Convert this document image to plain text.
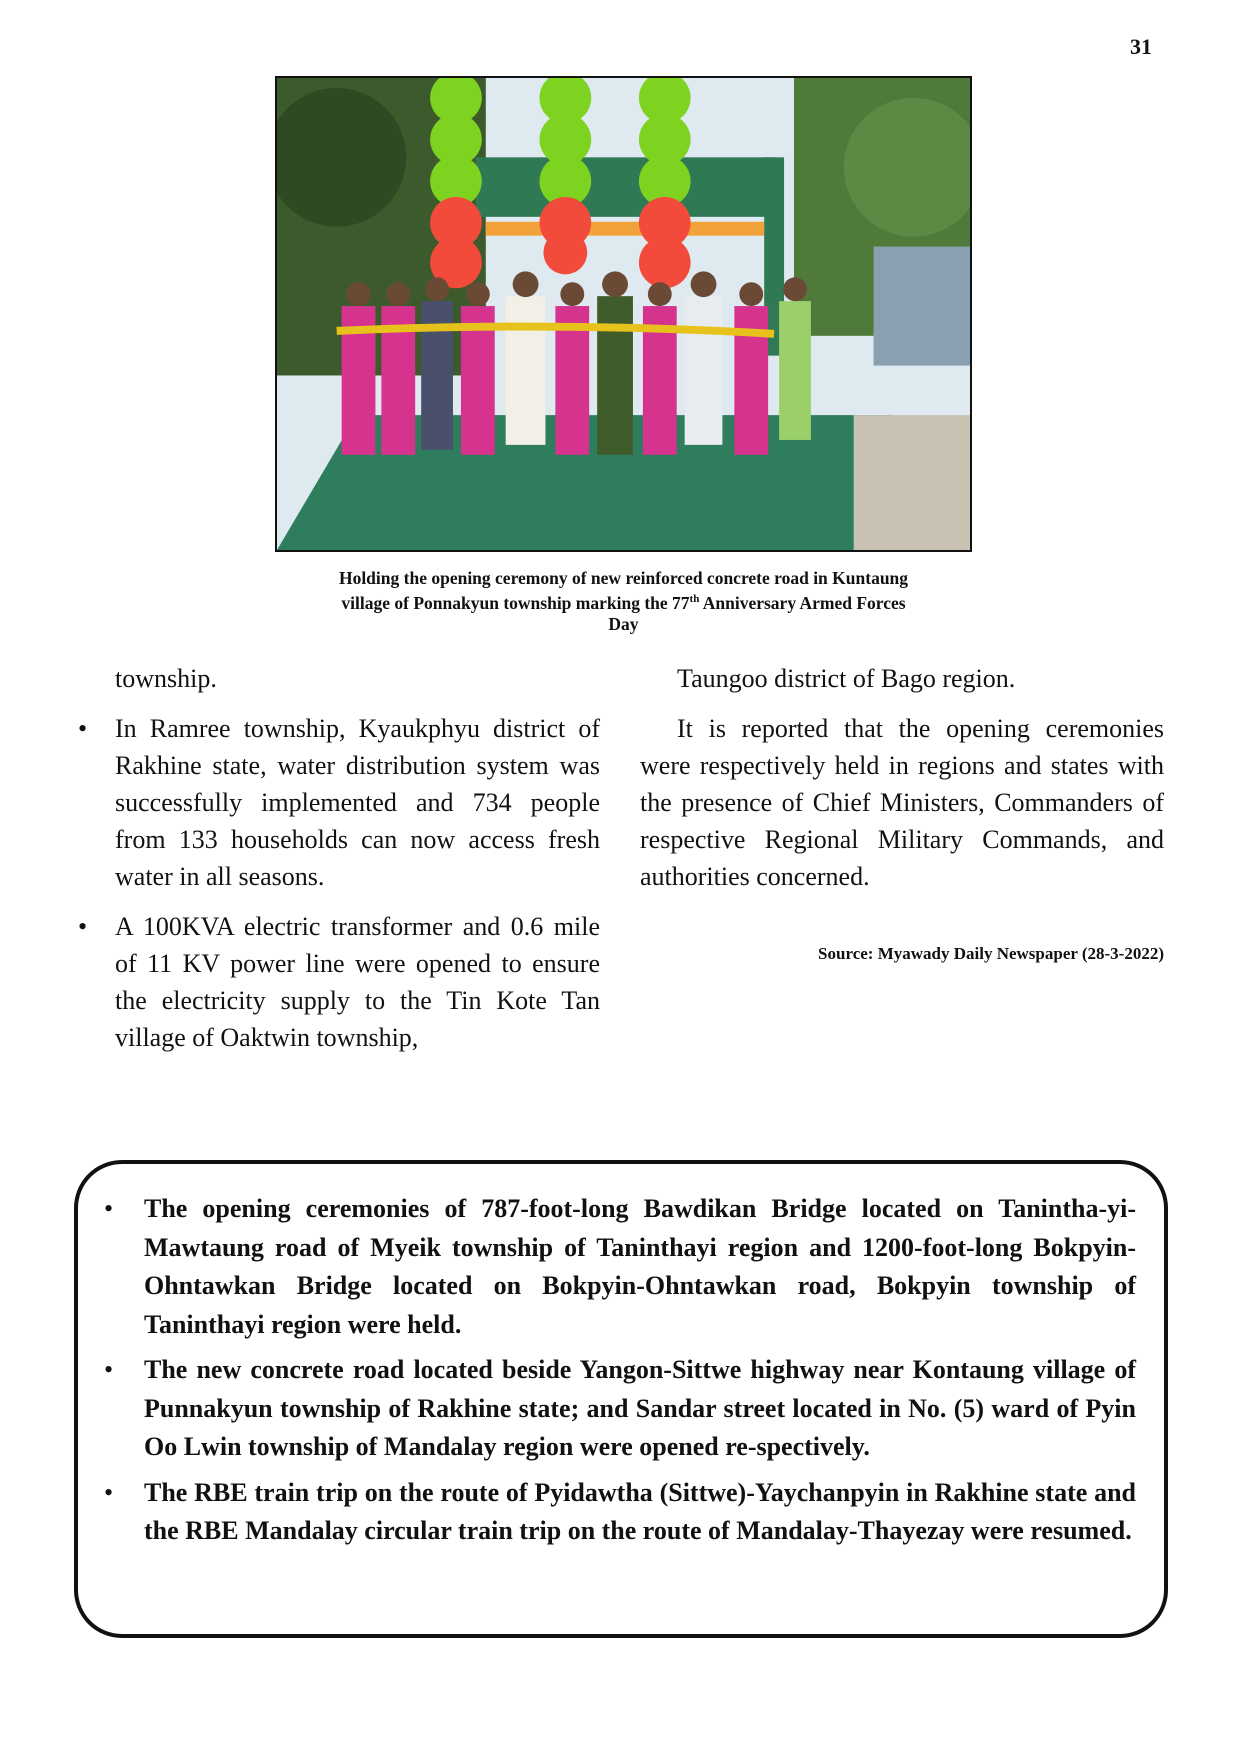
31
Holding the opening ceremony of new reinforced concrete road in Kuntaung
village of Ponnakyun township marking the 77th Anniversary Armed Forces
Day

township.

• In Ramree township, Kyaukphyu district of Rakhine state, water distribution system was successfully implemented and 734 people from 133 households can now access fresh water in all seasons.
• A 100KVA electric transformer and 0.6 mile of 11 KV power line were opened to ensure the electricity supply to the Tin Kote Tan village of Oaktwin township,

Taungoo district of Bago region.

It is reported that the opening ceremonies were respectively held in regions and states with the presence of Chief Ministers, Commanders of respective Regional Military Commands, and authorities concerned.

Source: Myawady Daily Newspaper (28-3-2022)
• The opening ceremonies of 787-foot-long Bawdikan Bridge located on Tanintha-yi-Mawtaung road of Myeik township of Taninthayi region and 1200-foot-long Bokpyin-Ohntawkan Bridge located on Bokpyin-Ohntawkan road, Bokpyin township of Taninthayi region were held.
• The new concrete road located beside Yangon-Sittwe highway near Kontaung village of Punnakyun township of Rakhine state; and Sandar street located in No. (5) ward of Pyin Oo Lwin township of Mandalay region were opened re-spectively.
• The RBE train trip on the route of Pyidawtha (Sittwe)-Yaychanpyin in Rakhine state and the RBE Mandalay circular train trip on the route of Mandalay-Thayezay were resumed.
